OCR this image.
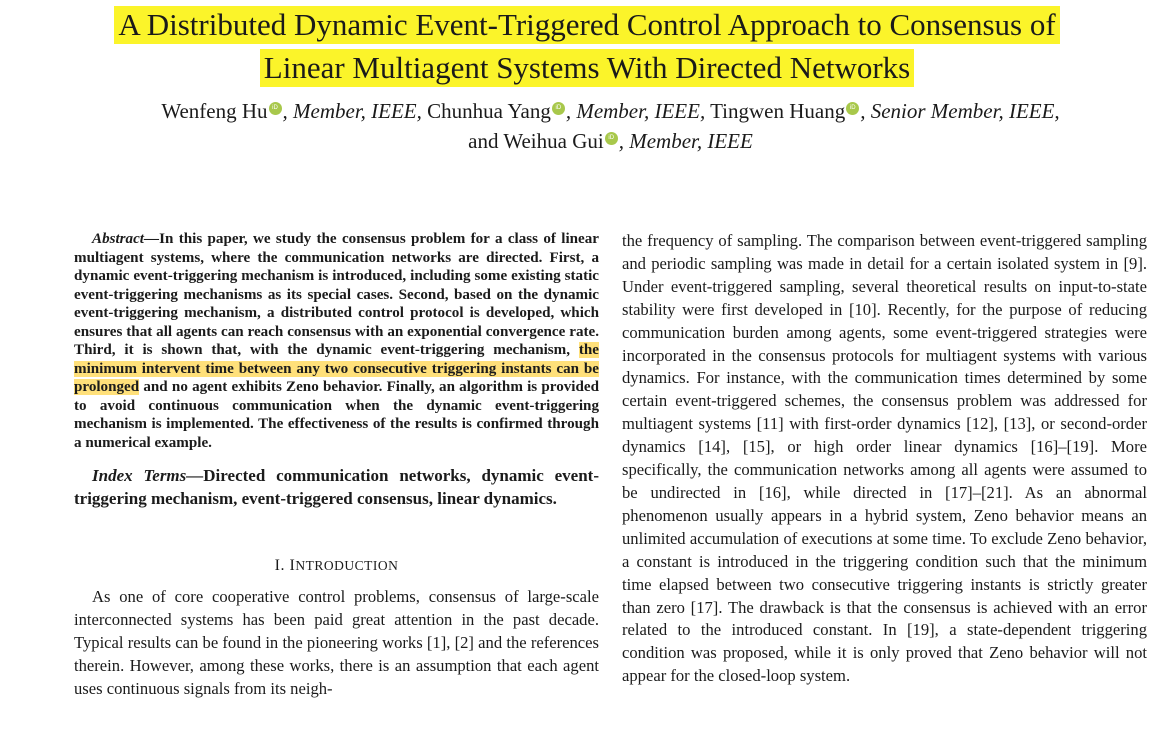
A Distributed Dynamic Event-Triggered Control Approach to Consensus of
Linear Multiagent Systems With Directed Networks
Wenfeng Hu iD , Member, IEEE, Chunhua Yang iD , Member, IEEE, Tingwen Huang iD , Senior Member, IEEE,
and Weihua Gui iD , Member, IEEE

Abstract—In this paper, we study the consensus problem for a class of linear multiagent systems, where the communication networks are directed. First, a dynamic event-triggering mechanism is introduced, including some existing static event-triggering mechanisms as its special cases. Second, based on the dynamic event-triggering mechanism, a distributed control protocol is developed, which ensures that all agents can reach consensus with an exponential convergence rate. Third, it is shown that, with the dynamic event-triggering mechanism, the minimum intervent time between any two consecutive triggering instants can be prolonged and no agent exhibits Zeno behavior. Finally, an algorithm is provided to avoid continuous communication when the dynamic event-triggering mechanism is implemented. The effectiveness of the results is confirmed through a numerical example.

Index Terms—Directed communication networks, dynamic event-triggering mechanism, event-triggered consensus, linear dynamics.
I. INTRODUCTION
As one of core cooperative control problems, consensus of large-scale interconnected systems has been paid great attention in the past decade. Typical results can be found in the pioneering works [1], [2] and the references therein. However, among these works, there is an assumption that each agent uses continuous signals from its neigh-
the frequency of sampling. The comparison between event-triggered sampling and periodic sampling was made in detail for a certain isolated system in [9]. Under event-triggered sampling, several theoretical results on input-to-state stability were first developed in [10]. Recently, for the purpose of reducing communication burden among agents, some event-triggered strategies were incorporated in the consensus protocols for multiagent systems with various dynamics. For instance, with the communication times determined by some certain event-triggered schemes, the consensus problem was addressed for multiagent systems [11] with first-order dynamics [12], [13], or second-order dynamics [14], [15], or high order linear dynamics [16]–[19]. More specifically, the communication networks among all agents were assumed to be undirected in [16], while directed in [17]–[21]. As an abnormal phenomenon usually appears in a hybrid system, Zeno behavior means an unlimited accumulation of executions at some time. To exclude Zeno behavior, a constant is introduced in the triggering condition such that the minimum time elapsed between two consecutive triggering instants is strictly greater than zero [17]. The drawback is that the consensus is achieved with an error related to the introduced constant. In [19], a state-dependent triggering condition was proposed, while it is only proved that Zeno behavior will not appear for the closed-loop system.
